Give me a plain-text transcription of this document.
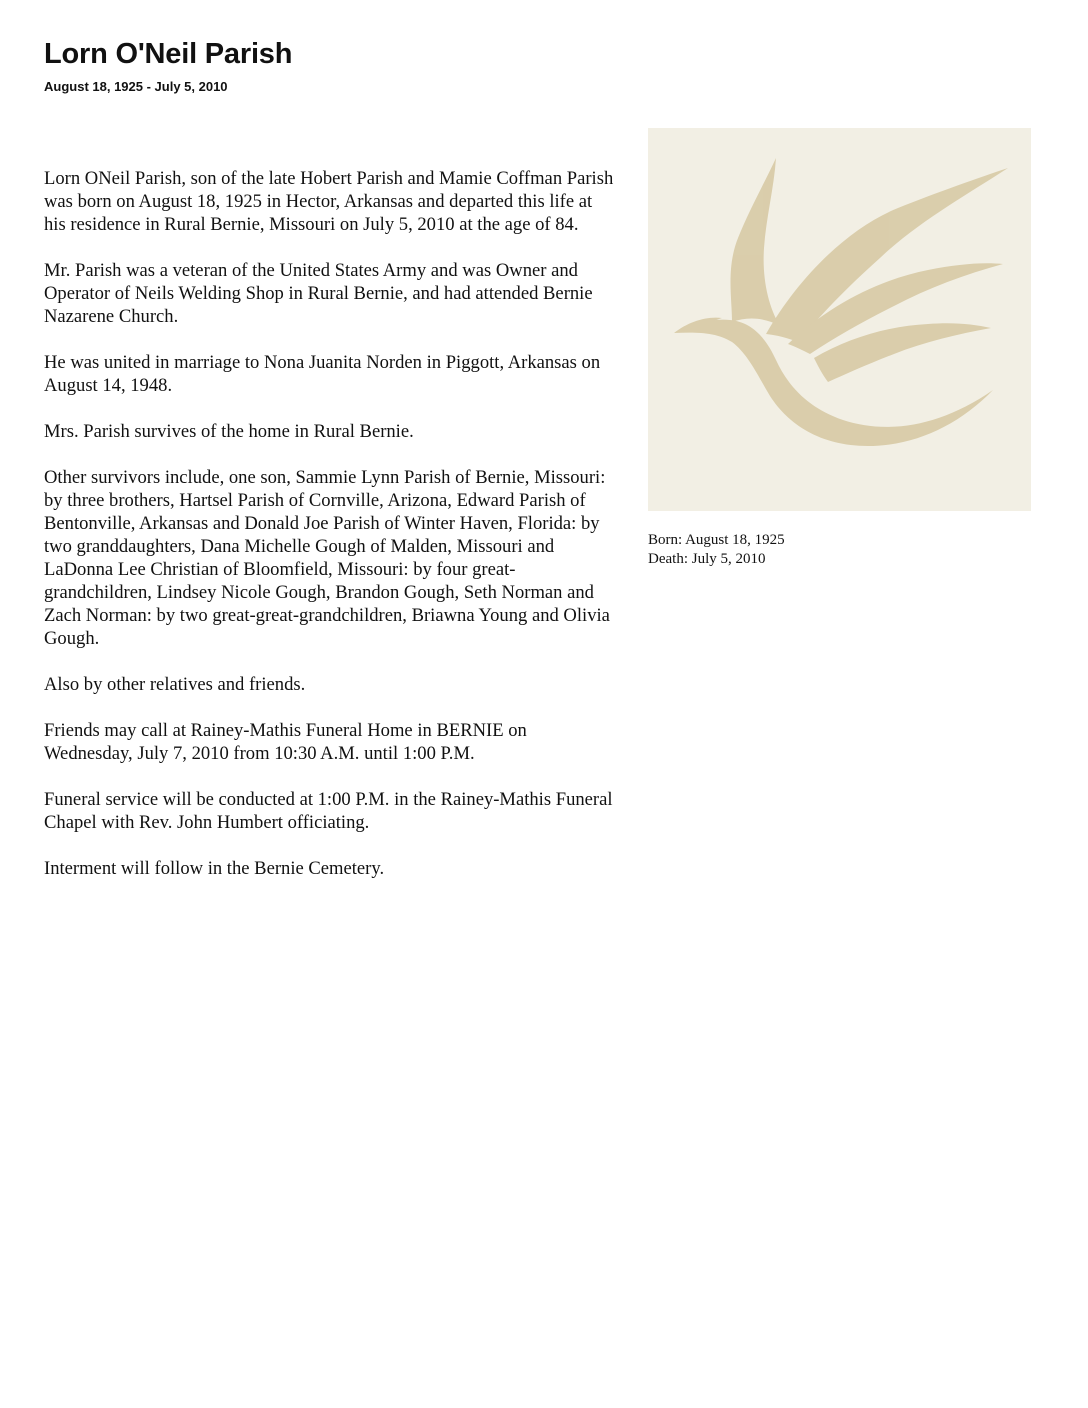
Lorn O'Neil Parish
August 18, 1925 - July 5, 2010

Lorn ONeil Parish, son of the late Hobert Parish and Mamie Coffman Parish was born on August 18, 1925 in Hector, Arkansas and departed this life at his residence in Rural Bernie, Missouri on July 5, 2010 at the age of 84.

Mr. Parish was a veteran of the United States Army and was Owner and Operator of Neils Welding Shop in Rural Bernie, and had attended Bernie Nazarene Church.

He was united in marriage to Nona Juanita Norden in Piggott, Arkansas on August 14, 1948.

Mrs. Parish survives of the home in Rural Bernie.

Other survivors include, one son, Sammie Lynn Parish of Bernie, Missouri: by three brothers, Hartsel Parish of Cornville, Arizona, Edward Parish of Bentonville, Arkansas and Donald Joe Parish of Winter Haven, Florida: by two granddaughters, Dana Michelle Gough of Malden, Missouri and LaDonna Lee Christian of Bloomfield, Missouri: by four great- grandchildren, Lindsey Nicole Gough, Brandon Gough, Seth Norman and Zach Norman: by two great-great-grandchildren, Briawna Young and Olivia Gough.

Also by other relatives and friends.

Friends may call at Rainey-Mathis Funeral Home in BERNIE on Wednesday, July 7, 2010 from 10:30 A.M. until 1:00 P.M.

Funeral service will be conducted at 1:00 P.M. in the Rainey-Mathis Funeral Chapel with Rev. John Humbert officiating.

Interment will follow in the Bernie Cemetery.

Born: August 18, 1925
Death: July 5, 2010
